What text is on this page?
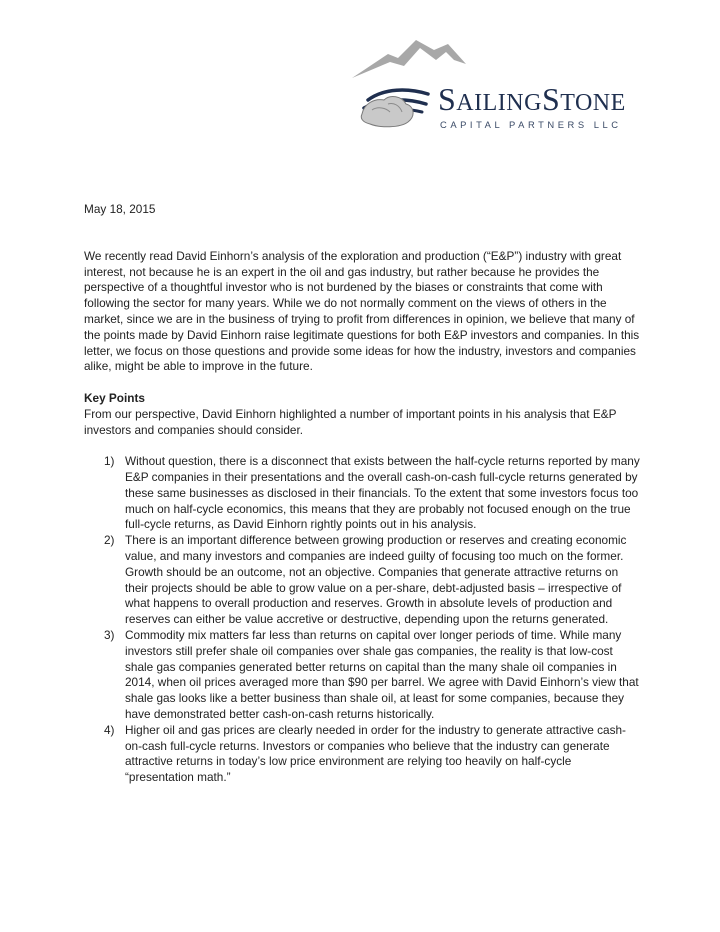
SAILINGSTONE
CAPITAL PARTNERS LLC

May 18, 2015

We recently read David Einhorn’s analysis of the exploration and production (“E&P”) industry with great interest, not because he is an expert in the oil and gas industry, but rather because he provides the perspective of a thoughtful investor who is not burdened by the biases or constraints that come with following the sector for many years. While we do not normally comment on the views of others in the market, since we are in the business of trying to profit from differences in opinion, we believe that many of the points made by David Einhorn raise legitimate questions for both E&P investors and companies. In this letter, we focus on those questions and provide some ideas for how the industry, investors and companies alike, might be able to improve in the future.

Key Points

From our perspective, David Einhorn highlighted a number of important points in his analysis that E&P investors and companies should consider.

1) Without question, there is a disconnect that exists between the half-cycle returns reported by many E&P companies in their presentations and the overall cash-on-cash full-cycle returns generated by these same businesses as disclosed in their financials. To the extent that some investors focus too much on half-cycle economics, this means that they are probably not focused enough on the true full-cycle returns, as David Einhorn rightly points out in his analysis.
2) There is an important difference between growing production or reserves and creating economic value, and many investors and companies are indeed guilty of focusing too much on the former. Growth should be an outcome, not an objective. Companies that generate attractive returns on their projects should be able to grow value on a per-share, debt-adjusted basis – irrespective of what happens to overall production and reserves. Growth in absolute levels of production and reserves can either be value accretive or destructive, depending upon the returns generated.
3) Commodity mix matters far less than returns on capital over longer periods of time. While many investors still prefer shale oil companies over shale gas companies, the reality is that low-cost shale gas companies generated better returns on capital than the many shale oil companies in 2014, when oil prices averaged more than $90 per barrel. We agree with David Einhorn’s view that shale gas looks like a better business than shale oil, at least for some companies, because they have demonstrated better cash-on-cash returns historically.
4) Higher oil and gas prices are clearly needed in order for the industry to generate attractive cash-on-cash full-cycle returns. Investors or companies who believe that the industry can generate attractive returns in today’s low price environment are relying too heavily on half-cycle “presentation math.”
